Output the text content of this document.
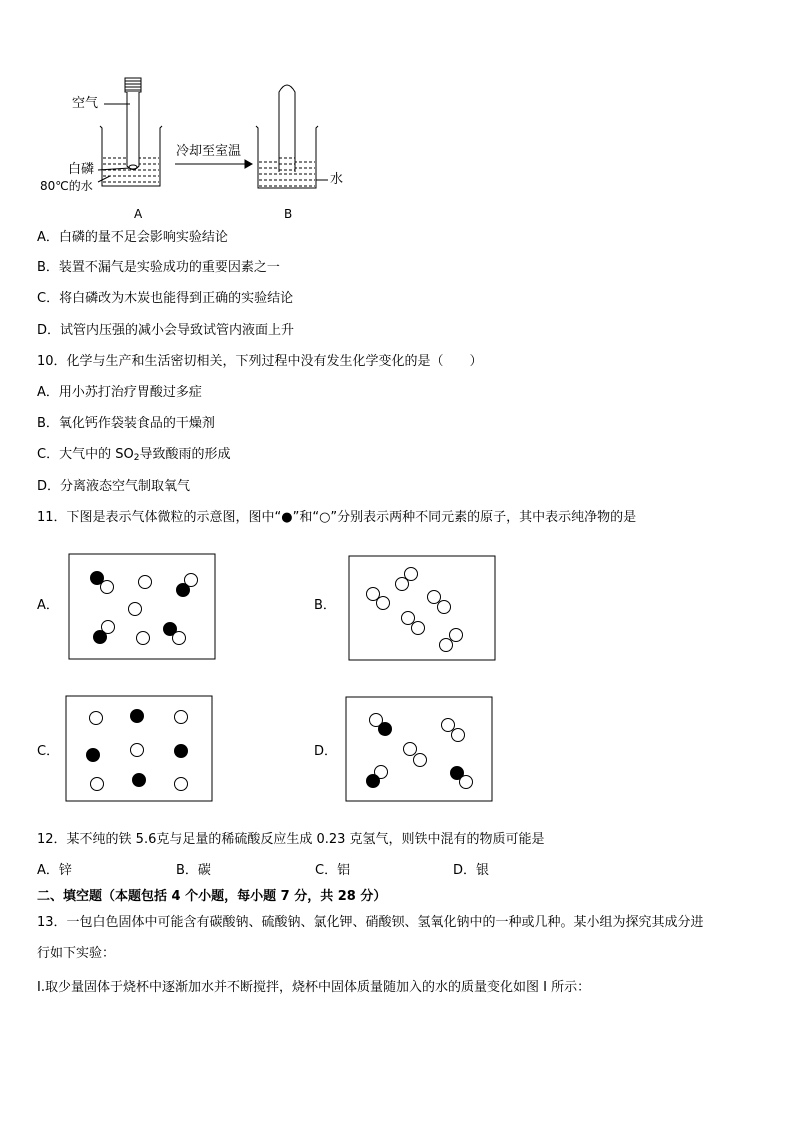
空气
白磷
80℃的水
冷却至室温
水
A	B
A．白磷的量不足会影响实验结论
B．装置不漏气是实验成功的重要因素之一
C．将白磷改为木炭也能得到正确的实验结论
D．试管内压强的减小会导致试管内液面上升
10．化学与生产和生活密切相关，下列过程中没有发生化学变化的是（　　）
A．用小苏打治疗胃酸过多症
B．氧化钙作袋装食品的干燥剂
C．大气中的 $SO_2$导致酸雨的形成
D．分离液态空气制取氧气
11．下图是表示气体微粒的示意图，图中“●”和“○”分别表示两种不同元素的原子，其中表示纯净物的是
A．	B．
C．	D．
12．某不纯的铁 5.6克与足量的稀硫酸反应生成 0.23 克氢气，则铁中混有的物质可能是
A．锌	B．碳	C．铝	D．银
二、填空题（本题包括 4 个小题，每小题 7 分，共 28 分）
13．一包白色固体中可能含有碳酸钠、硫酸钠、氯化钾、硝酸钡、氢氧化钠中的一种或几种。某小组为探究其成分进
行如下实验：
I.取少量固体于烧杯中逐渐加水并不断搅拌，烧杯中固体质量随加入的水的质量变化如图 I 所示：
